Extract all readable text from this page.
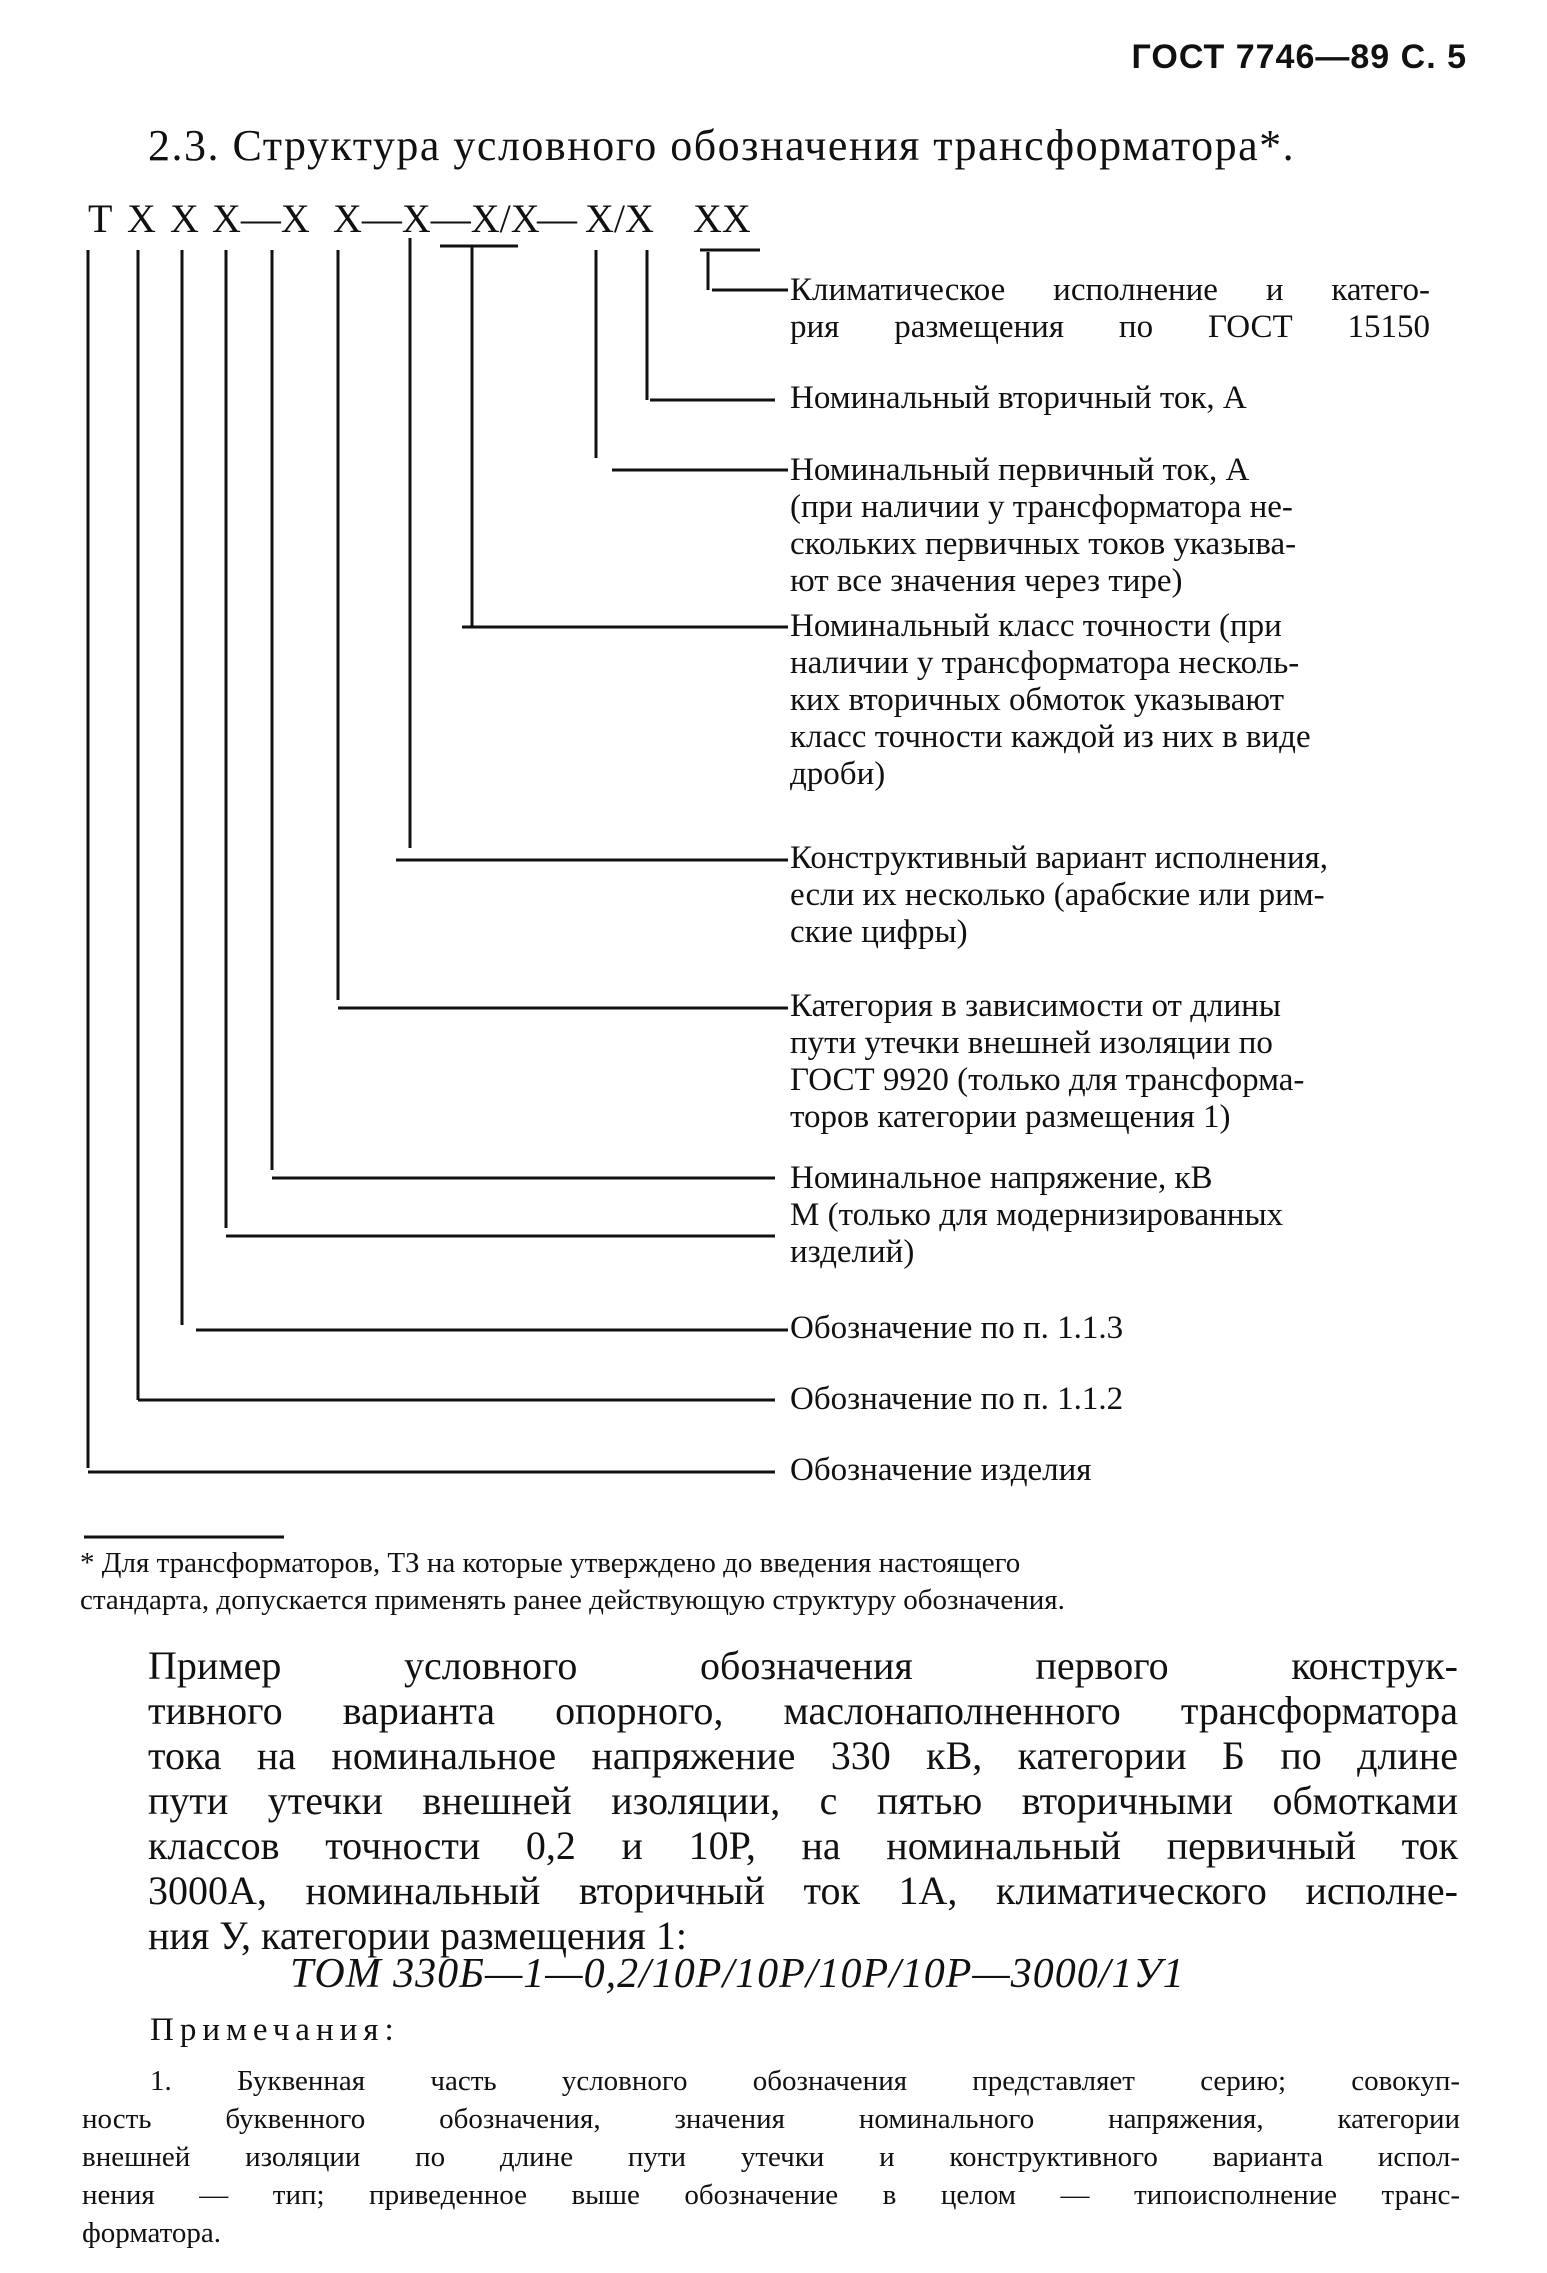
ГОСТ 7746—89 С. 5
2.3. Структура условного обозначения трансформатора*.
Т Х Х Х—Х Х—Х—Х/Х
— Х/Х ХХ
Климатическое исполнение и катего-
рия размещения по ГОСТ 15150
Номинальный вторичный ток, А
Номинальный первичный ток, А
(при наличии у трансформатора не-
скольких первичных токов указыва-
ют все значения через тире)
Номинальный класс точности (при
наличии у трансформатора несколь-
ких вторичных обмоток указывают
класс точности каждой из них в виде
дроби)
Конструктивный вариант исполнения,
если их несколько (арабские или рим-
ские цифры)
Категория в зависимости от длины
пути утечки внешней изоляции по
ГОСТ 9920 (только для трансформа-
торов категории размещения 1)
Номинальное напряжение, кВ
М (только для модернизированных
изделий)
Обозначение по п. 1.1.3
Обозначение по п. 1.1.2
Обозначение изделия
* Для трансформаторов, ТЗ на которые утверждено до введения настоящего
стандарта, допускается применять ранее действующую структуру обозначения.
Пример условного обозначения первого конструк-
тивного варианта опорного, маслонаполненного трансформатора
тока на номинальное напряжение 330 кВ, категории Б по длине
пути утечки внешней изоляции, с пятью вторичными обмотками
классов точности 0,2 и 10Р, на номинальный первичный ток
3000А, номинальный вторичный ток 1А, климатического исполне-
ния У, категории размещения 1:
ТОМ 330Б—1—0,2/10Р/10Р/10Р/10Р—3000/1У1
Примечания:
1. Буквенная часть условного обозначения представляет серию; совокуп-
ность буквенного обозначения, значения номинального напряжения, категории
внешней изоляции по длине пути утечки и конструктивного варианта испол-
нения — тип; приведенное выше обозначение в целом — типоисполнение транс-
форматора.
